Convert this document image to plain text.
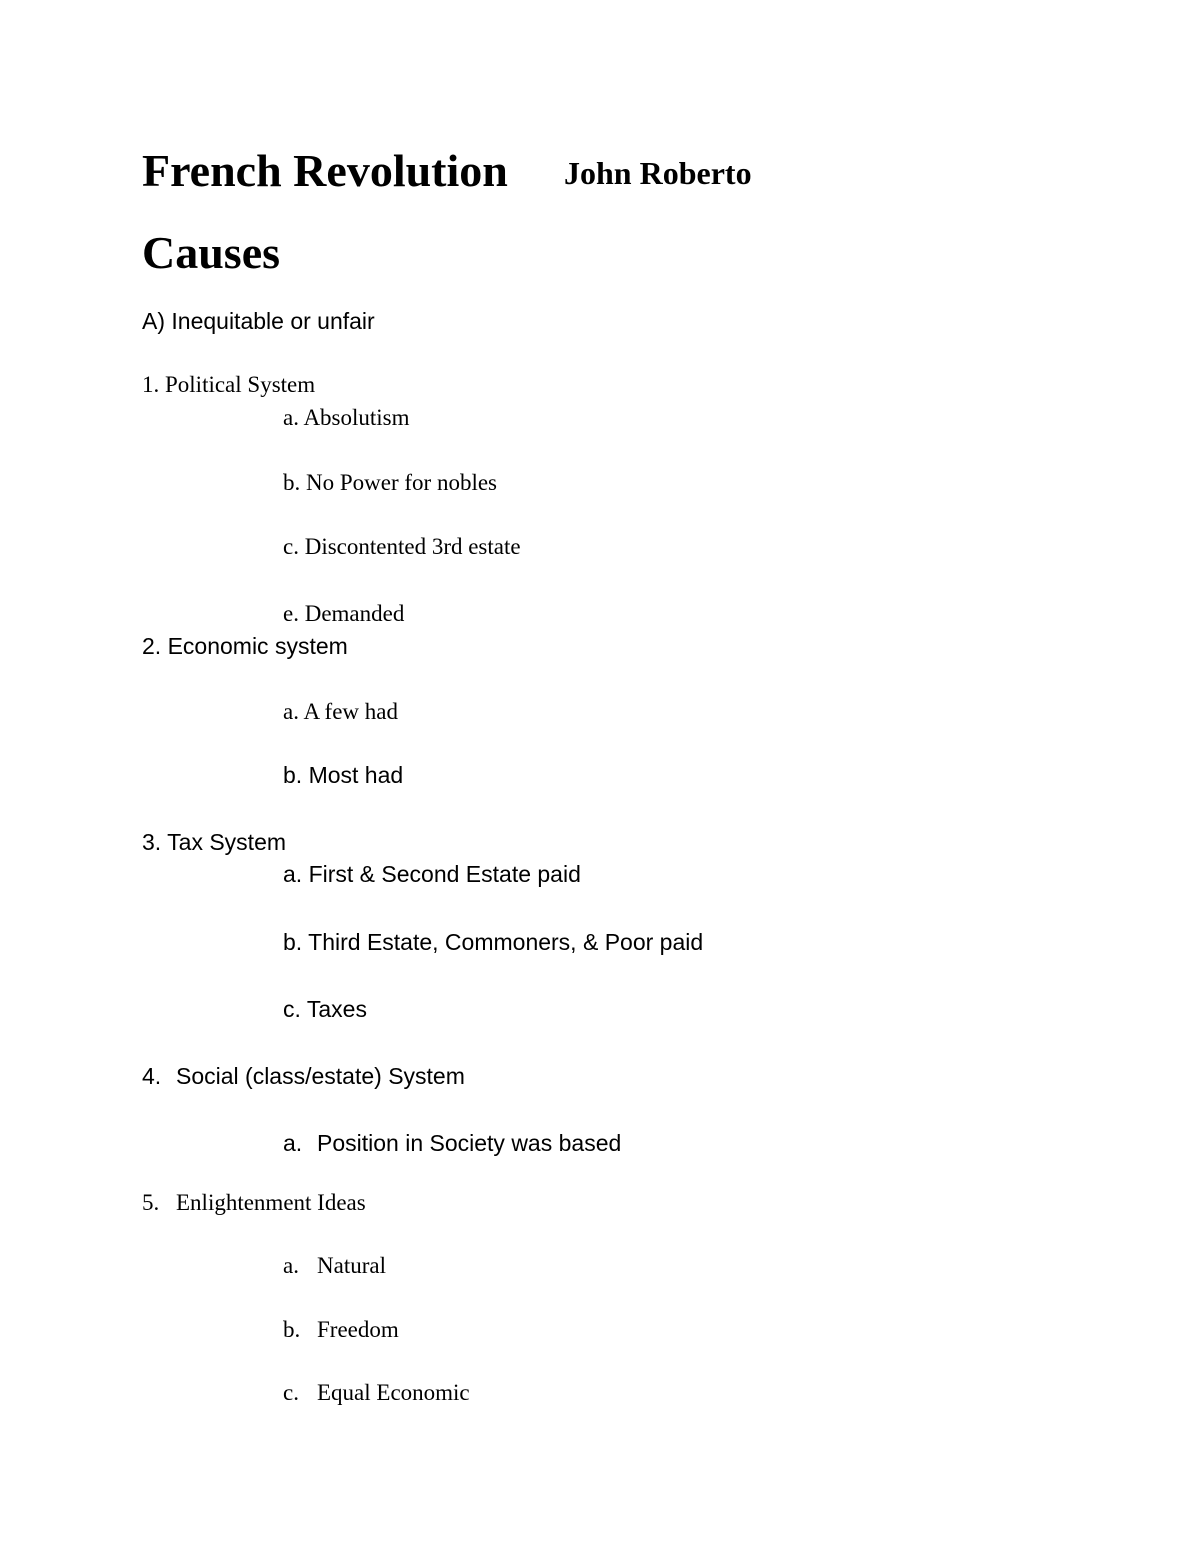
French Revolution John Roberto
Causes
A) Inequitable or unfair
1. Political System
a. Absolutism
b. No Power for nobles
c. Discontented 3rd estate
e. Demanded
2. Economic system
a. A few had
b. Most had
3. Tax System
a. First & Second Estate paid
b. Third Estate, Commoners, & Poor paid
c. Taxes
4. Social (class/estate) System
a. Position in Society was based
5. Enlightenment Ideas
a. Natural
b. Freedom
c. Equal Economic
